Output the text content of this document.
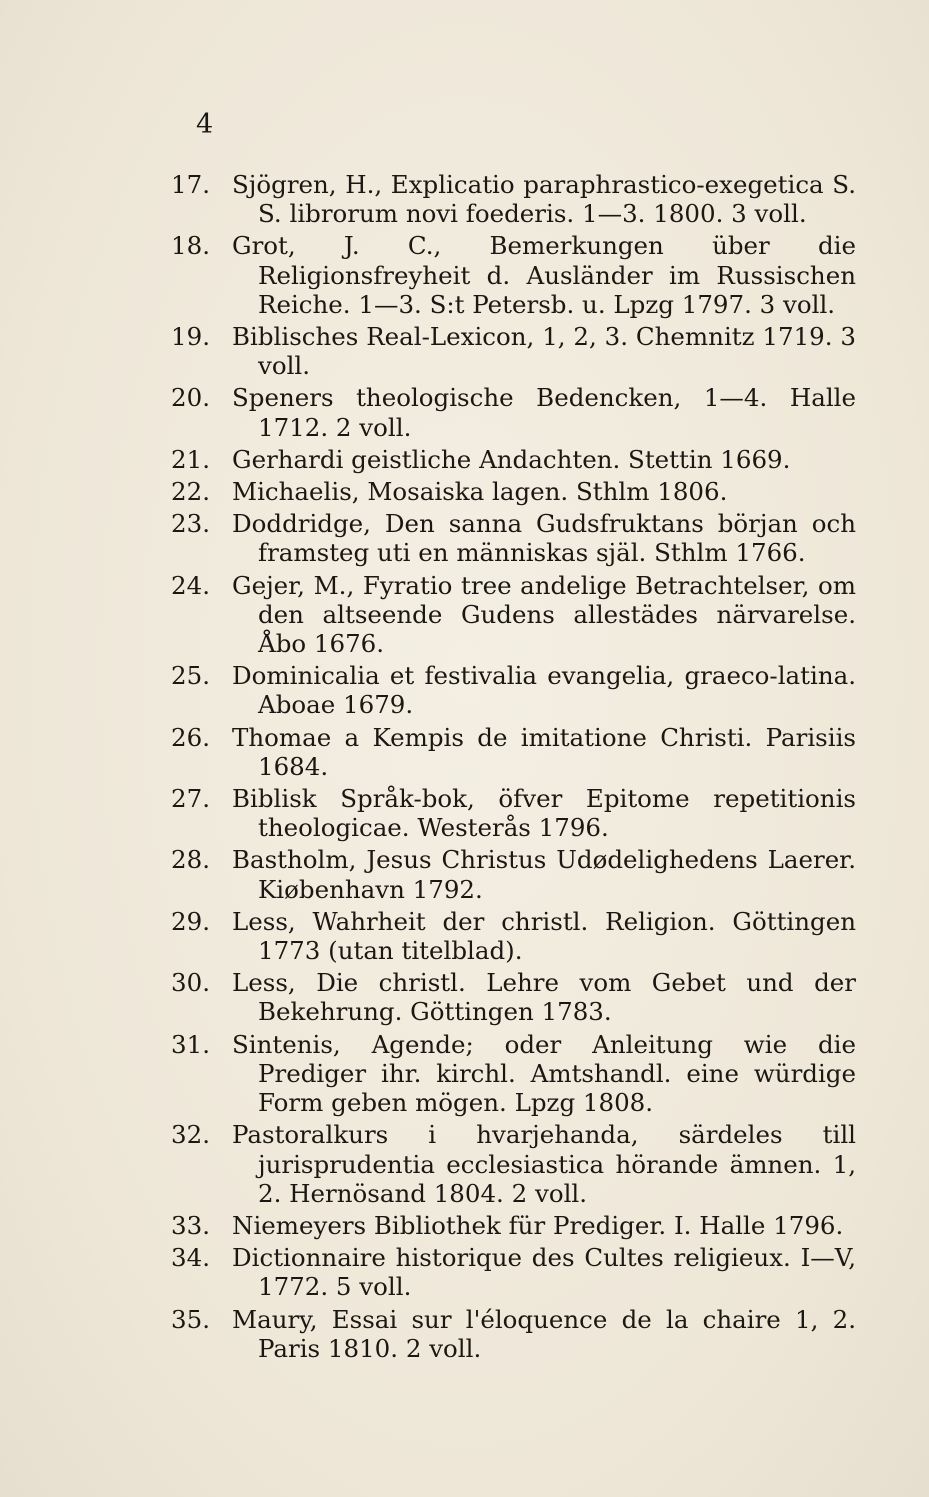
4
17. Sjögren, H., Explicatio paraphrastico-exegetica S. S. librorum novi foederis. 1—3. 1800. 3 voll.
18. Grot, J. C., Bemerkungen über die Religionsfreyheit d. Ausländer im Russischen Reiche. 1—3. S:t Petersb. u. Lpzg 1797. 3 voll.
19. Biblisches Real-Lexicon, 1, 2, 3. Chemnitz 1719. 3 voll.
20. Speners theologische Bedencken, 1—4. Halle 1712. 2 voll.
21. Gerhardi geistliche Andachten. Stettin 1669.
22. Michaelis, Mosaiska lagen. Sthlm 1806.
23. Doddridge, Den sanna Gudsfruktans början och framsteg uti en människas själ. Sthlm 1766.
24. Gejer, M., Fyratio tree andelige Betrachtelser, om den altseende Gudens allestädes närvarelse. Åbo 1676.
25. Dominicalia et festivalia evangelia, graeco-latina. Aboae 1679.
26. Thomae a Kempis de imitatione Christi. Parisiis 1684.
27. Biblisk Språk-bok, öfver Epitome repetitionis theologicae. Westerås 1796.
28. Bastholm, Jesus Christus Udødelighedens Laerer. Kiøbenhavn 1792.
29. Less, Wahrheit der christl. Religion. Göttingen 1773 (utan titelblad).
30. Less, Die christl. Lehre vom Gebet und der Bekehrung. Göttingen 1783.
31. Sintenis, Agende; oder Anleitung wie die Prediger ihr. kirchl. Amtshandl. eine würdige Form geben mögen. Lpzg 1808.
32. Pastoralkurs i hvarjehanda, särdeles till jurisprudentia ecclesiastica hörande ämnen. 1, 2. Hernösand 1804. 2 voll.
33. Niemeyers Bibliothek für Prediger. I. Halle 1796.
34. Dictionnaire historique des Cultes religieux. I—V, 1772. 5 voll.
35. Maury, Essai sur l'éloquence de la chaire 1, 2. Paris 1810. 2 voll.
